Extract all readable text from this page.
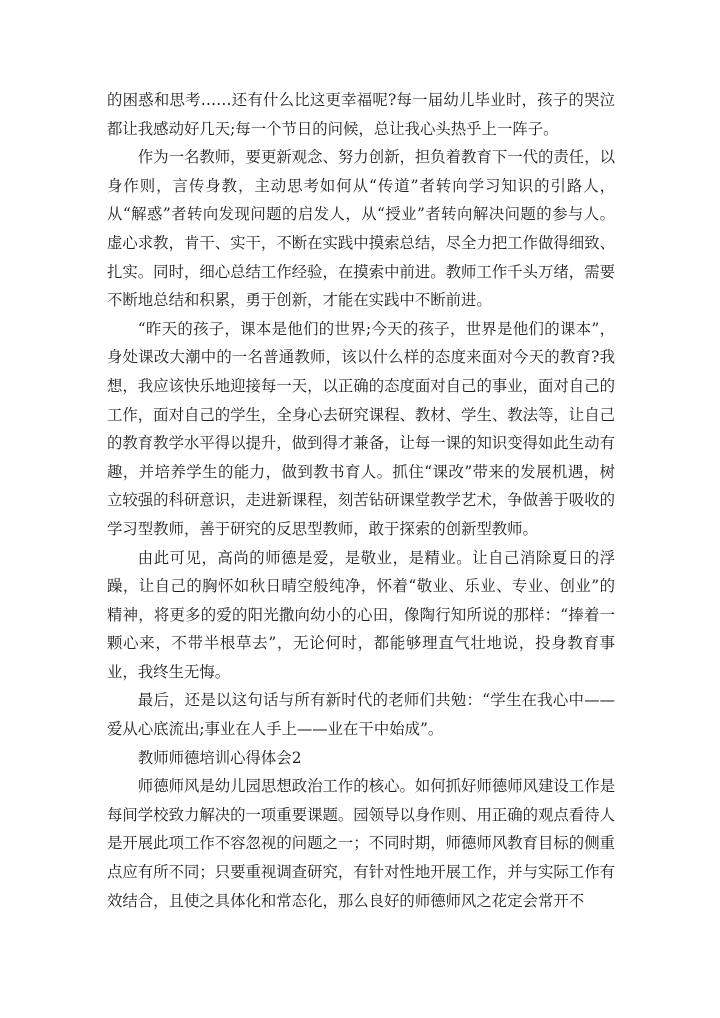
的困惑和思考……还有什么比这更幸福呢?每一届幼儿毕业时，孩子的哭泣都让我感动好几天;每一个节日的问候，总让我心头热乎上一阵子。

作为一名教师，要更新观念、努力创新，担负着教育下一代的责任，以身作则，言传身教，主动思考如何从“传道”者转向学习知识的引路人，从“解惑”者转向发现问题的启发人，从“授业”者转向解决问题的参与人。虚心求教，肯干、实干，不断在实践中摸索总结，尽全力把工作做得细致、扎实。同时，细心总结工作经验，在摸索中前进。教师工作千头万绪，需要不断地总结和积累，勇于创新，才能在实践中不断前进。

“昨天的孩子，课本是他们的世界;今天的孩子，世界是他们的课本”，身处课改大潮中的一名普通教师，该以什么样的态度来面对今天的教育?我想，我应该快乐地迎接每一天，以正确的态度面对自己的事业，面对自己的工作，面对自己的学生，全身心去研究课程、教材、学生、教法等，让自己的教育教学水平得以提升，做到得才兼备，让每一课的知识变得如此生动有趣，并培养学生的能力，做到教书育人。抓住“课改”带来的发展机遇，树立较强的科研意识，走进新课程，刻苦钻研课堂教学艺术，争做善于吸收的学习型教师，善于研究的反思型教师，敢于探索的创新型教师。

由此可见，高尚的师德是爱，是敬业，是精业。让自己消除夏日的浮躁，让自己的胸怀如秋日晴空般纯净，怀着“敬业、乐业、专业、创业”的精神，将更多的爱的阳光撒向幼小的心田，像陶行知所说的那样：“捧着一颗心来，不带半根草去”，无论何时，都能够理直气壮地说，投身教育事业，我终生无悔。

最后，还是以这句话与所有新时代的老师们共勉：“学生在我心中——爱从心底流出;事业在人手上——业在干中始成”。

教师师德培训心得体会2

师德师风是幼儿园思想政治工作的核心。如何抓好师德师风建设工作是每间学校致力解决的一项重要课题。园领导以身作则、用正确的观点看待人是开展此项工作不容忽视的问题之一；不同时期，师德师风教育目标的侧重点应有所不同；只要重视调查研究，有针对性地开展工作，并与实际工作有效结合，且使之具体化和常态化，那么良好的师德师风之花定会常开不
